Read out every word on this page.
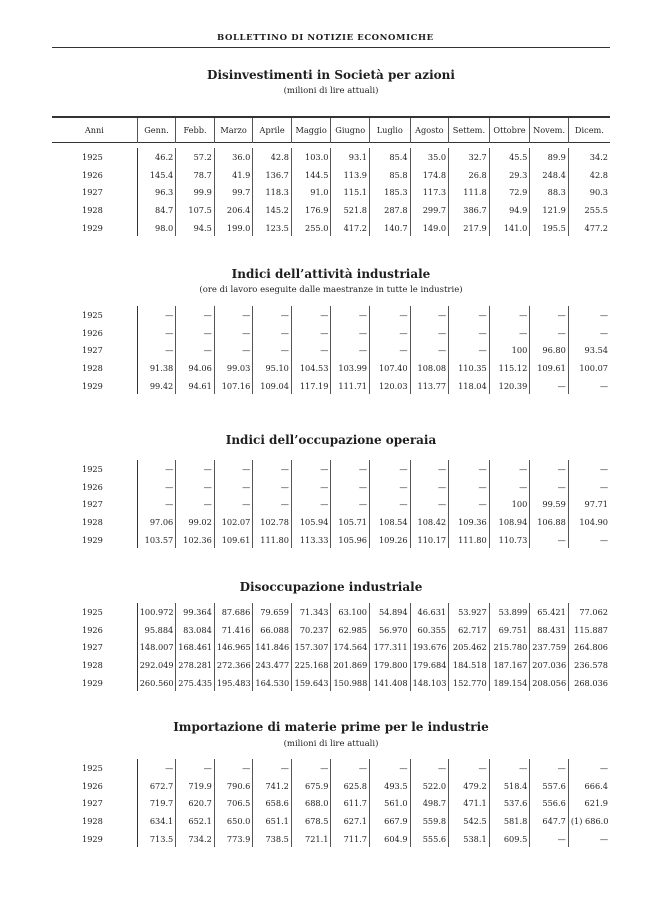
BOLLETTINO DI NOTIZIE ECONOMICHE
Disinvestimenti in Società per azioni
(milioni di lire attuali)
Anni	Genn.	Febb.	Marzo	Aprile	Maggio	Giugno	Luglio	Agosto	Settem.	Ottobre	Novem.	Dicem.
1925	46.2	57.2	36.0	42.8	103.0	93.1	85.4	35.0	32.7	45.5	89.9	34.2
1926	145.4	78.7	41.9	136.7	144.5	113.9	85.8	174.8	26.8	29.3	248.4	42.8
1927	96.3	99.9	99.7	118.3	91.0	115.1	185.3	117.3	111.8	72.9	88.3	90.3
1928	84.7	107.5	206.4	145.2	176.9	521.8	287.8	299.7	386.7	94.9	121.9	255.5
1929	98.0	94.5	199.0	123.5	255.0	417.2	140.7	149.0	217.9	141.0	195.5	477.2
Indici dell’attività industriale
(ore di lavoro eseguite dalle maestranze in tutte le industrie)
1925	—	—	—	—	—	—	—	—	—	—	—	—
1926	—	—	—	—	—	—	—	—	—	—	—	—
1927	—	—	—	—	—	—	—	—	—	100	96.80	93.54
1928	91.38	94.06	99.03	95.10	104.53	103.99	107.40	108.08	110.35	115.12	109.61	100.07
1929	99.42	94.61	107.16	109.04	117.19	111.71	120.03	113.77	118.04	120.39	—	—
Indici dell’occupazione operaia
1925	—	—	—	—	—	—	—	—	—	—	—	—
1926	—	—	—	—	—	—	—	—	—	—	—	—
1927	—	—	—	—	—	—	—	—	—	100	99.59	97.71
1928	97.06	99.02	102.07	102.78	105.94	105.71	108.54	108.42	109.36	108.94	106.88	104.90
1929	103.57	102.36	109.61	111.80	113.33	105.96	109.26	110.17	111.80	110.73	—	—
Disoccupazione industriale
1925	100.972	99.364	87.686	79.659	71.343	63.100	54.894	46.631	53.927	53.899	65.421	77.062
1926	95.884	83.084	71.416	66.088	70.237	62.985	56.970	60.355	62.717	69.751	88.431	115.887
1927	148.007	168.461	146.965	141.846	157.307	174.564	177.311	193.676	205.462	215.780	237.759	264.806
1928	292.049	278.281	272.366	243.477	225.168	201.869	179.800	179.684	184.518	187.167	207.036	236.578
1929	260.560	275.435	195.483	164.530	159.643	150.988	141.408	148.103	152.770	189.154	208.056	268.036
Importazione di materie prime per le industrie
(milioni di lire attuali)
1925	—	—	—	—	—	—	—	—	—	—	—	—
1926	672.7	719.9	790.6	741.2	675.9	625.8	493.5	522.0	479.2	518.4	557.6	666.4
1927	719.7	620.7	706.5	658.6	688.0	611.7	561.0	498.7	471.1	537.6	556.6	621.9
1928	634.1	652.1	650.0	651.1	678.5	627.1	667.9	559.8	542.5	581.8	647.7	(1) 686.0
1929	713.5	734.2	773.9	738.5	721.1	711.7	604.9	555.6	538.1	609.5	—	—
